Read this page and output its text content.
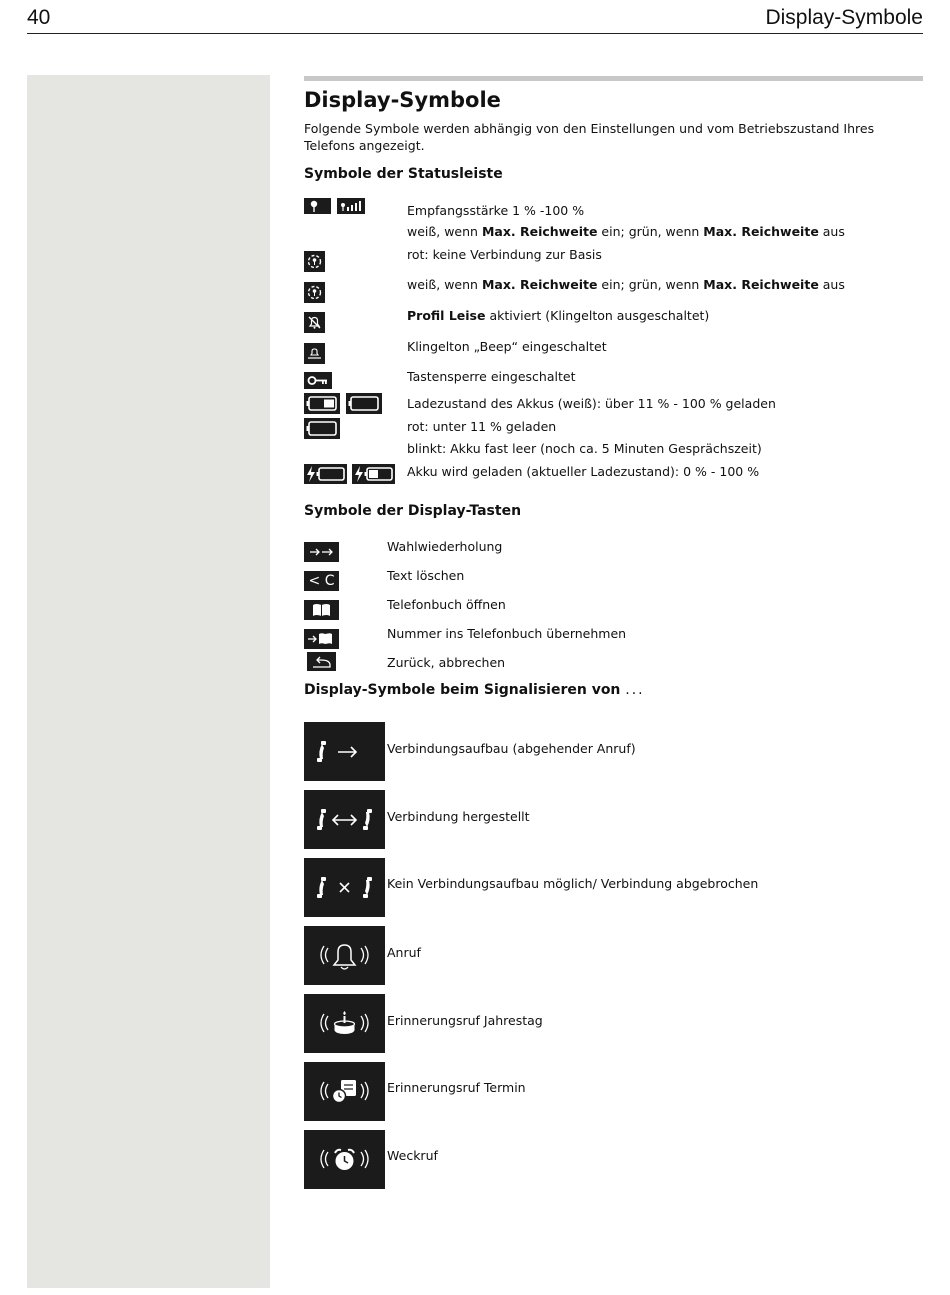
40	Display-Symbole
Display-Symbole
Folgende Symbole werden abhängig von den Einstellungen und vom Betriebszustand Ihres Telefons angezeigt.
Symbole der Statusleiste
Empfangsstärke 1 % -100 %
weiß, wenn Max. Reichweite ein; grün, wenn Max. Reichweite aus
rot: keine Verbindung zur Basis
weiß, wenn Max. Reichweite ein; grün, wenn Max. Reichweite aus
Profil Leise aktiviert (Klingelton ausgeschaltet)
Klingelton „Beep“ eingeschaltet
Tastensperre eingeschaltet
Ladezustand des Akkus (weiß): über 11 % - 100 % geladen
rot: unter 11 % geladen
blinkt: Akku fast leer (noch ca. 5 Minuten Gesprächszeit)
Akku wird geladen (aktueller Ladezustand): 0 % - 100 %
Symbole der Display-Tasten
Wahlwiederholung
< C	Text löschen
Telefonbuch öffnen
Nummer ins Telefonbuch übernehmen
Zurück, abbrechen
Display-Symbole beim Signalisieren von ...
Verbindungsaufbau (abgehender Anruf)
Verbindung hergestellt
Kein Verbindungsaufbau möglich/ Verbindung abgebrochen
Anruf
Erinnerungsruf Jahrestag
Erinnerungsruf Termin
Weckruf
